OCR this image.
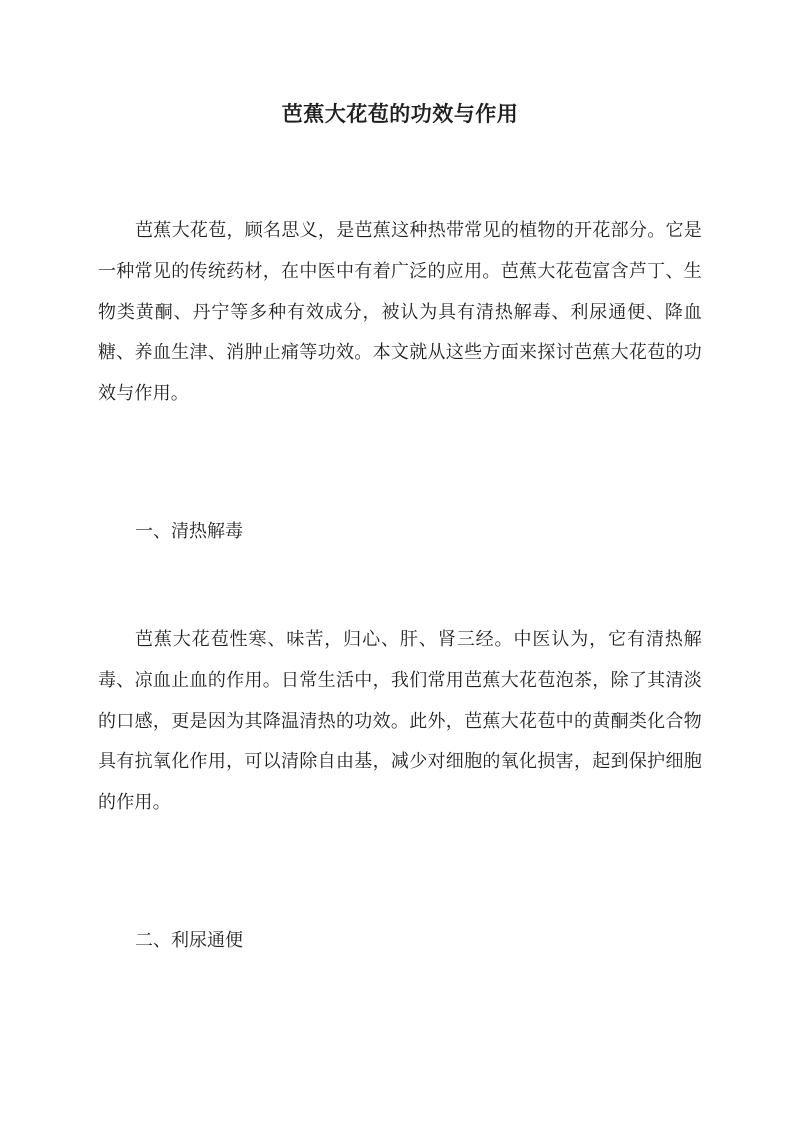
芭蕉大花苞的功效与作用

芭蕉大花苞，顾名思义，是芭蕉这种热带常见的植物的开花部分。它是一种常见的传统药材，在中医中有着广泛的应用。芭蕉大花苞富含芦丁、生物类黄酮、丹宁等多种有效成分，被认为具有清热解毒、利尿通便、降血糖、养血生津、消肿止痛等功效。本文就从这些方面来探讨芭蕉大花苞的功效与作用。

一、清热解毒

芭蕉大花苞性寒、味苦，归心、肝、肾三经。中医认为，它有清热解毒、凉血止血的作用。日常生活中，我们常用芭蕉大花苞泡茶，除了其清淡的口感，更是因为其降温清热的功效。此外，芭蕉大花苞中的黄酮类化合物具有抗氧化作用，可以清除自由基，减少对细胞的氧化损害，起到保护细胞的作用。

二、利尿通便
